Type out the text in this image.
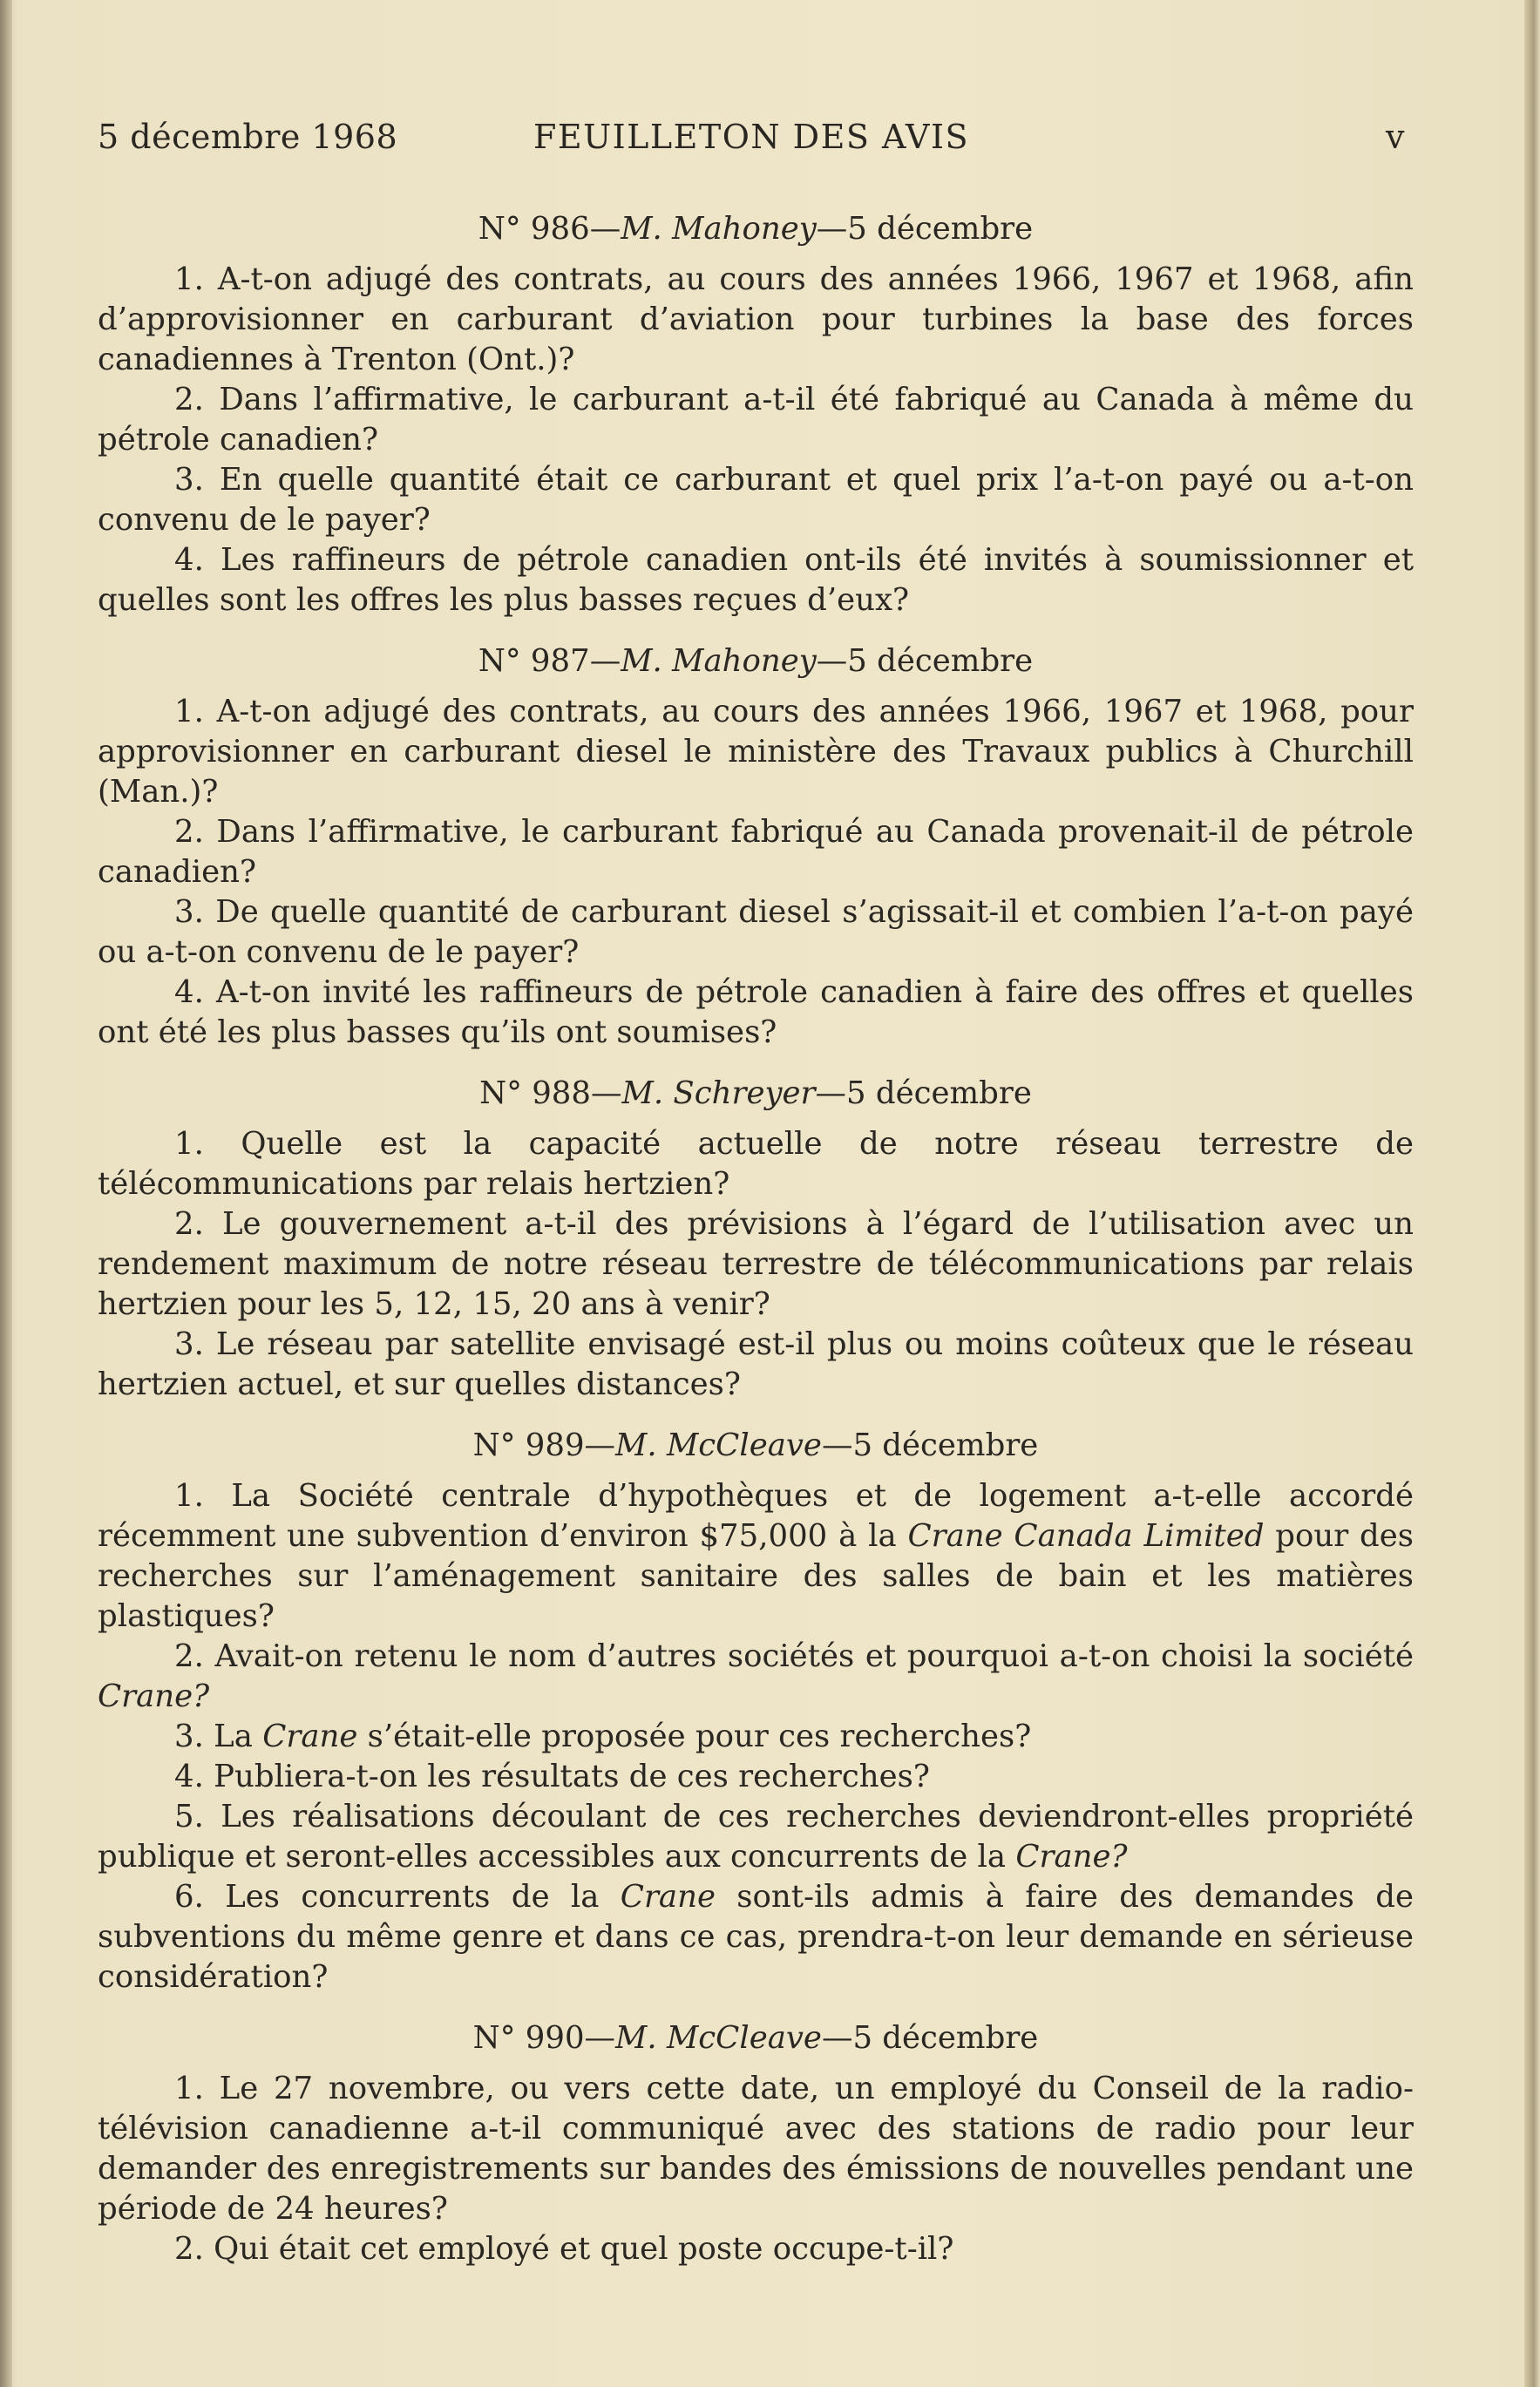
5 décembre 1968	FEUILLETON DES AVIS	v
N° 986—M. Mahoney—5 décembre

1. A-t-on adjugé des contrats, au cours des années 1966, 1967 et 1968, afin d’approvisionner en carburant d’aviation pour turbines la base des forces canadiennes à Trenton (Ont.)?

2. Dans l’affirmative, le carburant a-t-il été fabriqué au Canada à même du pétrole canadien?

3. En quelle quantité était ce carburant et quel prix l’a-t-on payé ou a-t-on convenu de le payer?

4. Les raffineurs de pétrole canadien ont-ils été invités à soumissionner et quelles sont les offres les plus basses reçues d’eux?

N° 987—M. Mahoney—5 décembre

1. A-t-on adjugé des contrats, au cours des années 1966, 1967 et 1968, pour approvisionner en carburant diesel le ministère des Travaux publics à Churchill (Man.)?

2. Dans l’affirmative, le carburant fabriqué au Canada provenait-il de pétrole canadien?

3. De quelle quantité de carburant diesel s’agissait-il et combien l’a-t-on payé ou a-t-on convenu de le payer?

4. A-t-on invité les raffineurs de pétrole canadien à faire des offres et quelles ont été les plus basses qu’ils ont soumises?

N° 988—M. Schreyer—5 décembre

1. Quelle est la capacité actuelle de notre réseau terrestre de télécommunications par relais hertzien?

2. Le gouvernement a-t-il des prévisions à l’égard de l’utilisation avec un rendement maximum de notre réseau terrestre de télécommunications par relais hertzien pour les 5, 12, 15, 20 ans à venir?

3. Le réseau par satellite envisagé est-il plus ou moins coûteux que le réseau hertzien actuel, et sur quelles distances?

N° 989—M. McCleave—5 décembre

1. La Société centrale d’hypothèques et de logement a-t-elle accordé récemment une subvention d’environ $75,000 à la Crane Canada Limited pour des recherches sur l’aménagement sanitaire des salles de bain et les matières plastiques?

2. Avait-on retenu le nom d’autres sociétés et pourquoi a-t-on choisi la société Crane?

3. La Crane s’était-elle proposée pour ces recherches?

4. Publiera-t-on les résultats de ces recherches?

5. Les réalisations découlant de ces recherches deviendront-elles propriété publique et seront-elles accessibles aux concurrents de la Crane?

6. Les concurrents de la Crane sont-ils admis à faire des demandes de subventions du même genre et dans ce cas, prendra-t-on leur demande en sérieuse considération?

N° 990—M. McCleave—5 décembre

1. Le 27 novembre, ou vers cette date, un employé du Conseil de la radio-télévision canadienne a-t-il communiqué avec des stations de radio pour leur demander des enregistrements sur bandes des émissions de nouvelles pendant une période de 24 heures?

2. Qui était cet employé et quel poste occupe-t-il?
